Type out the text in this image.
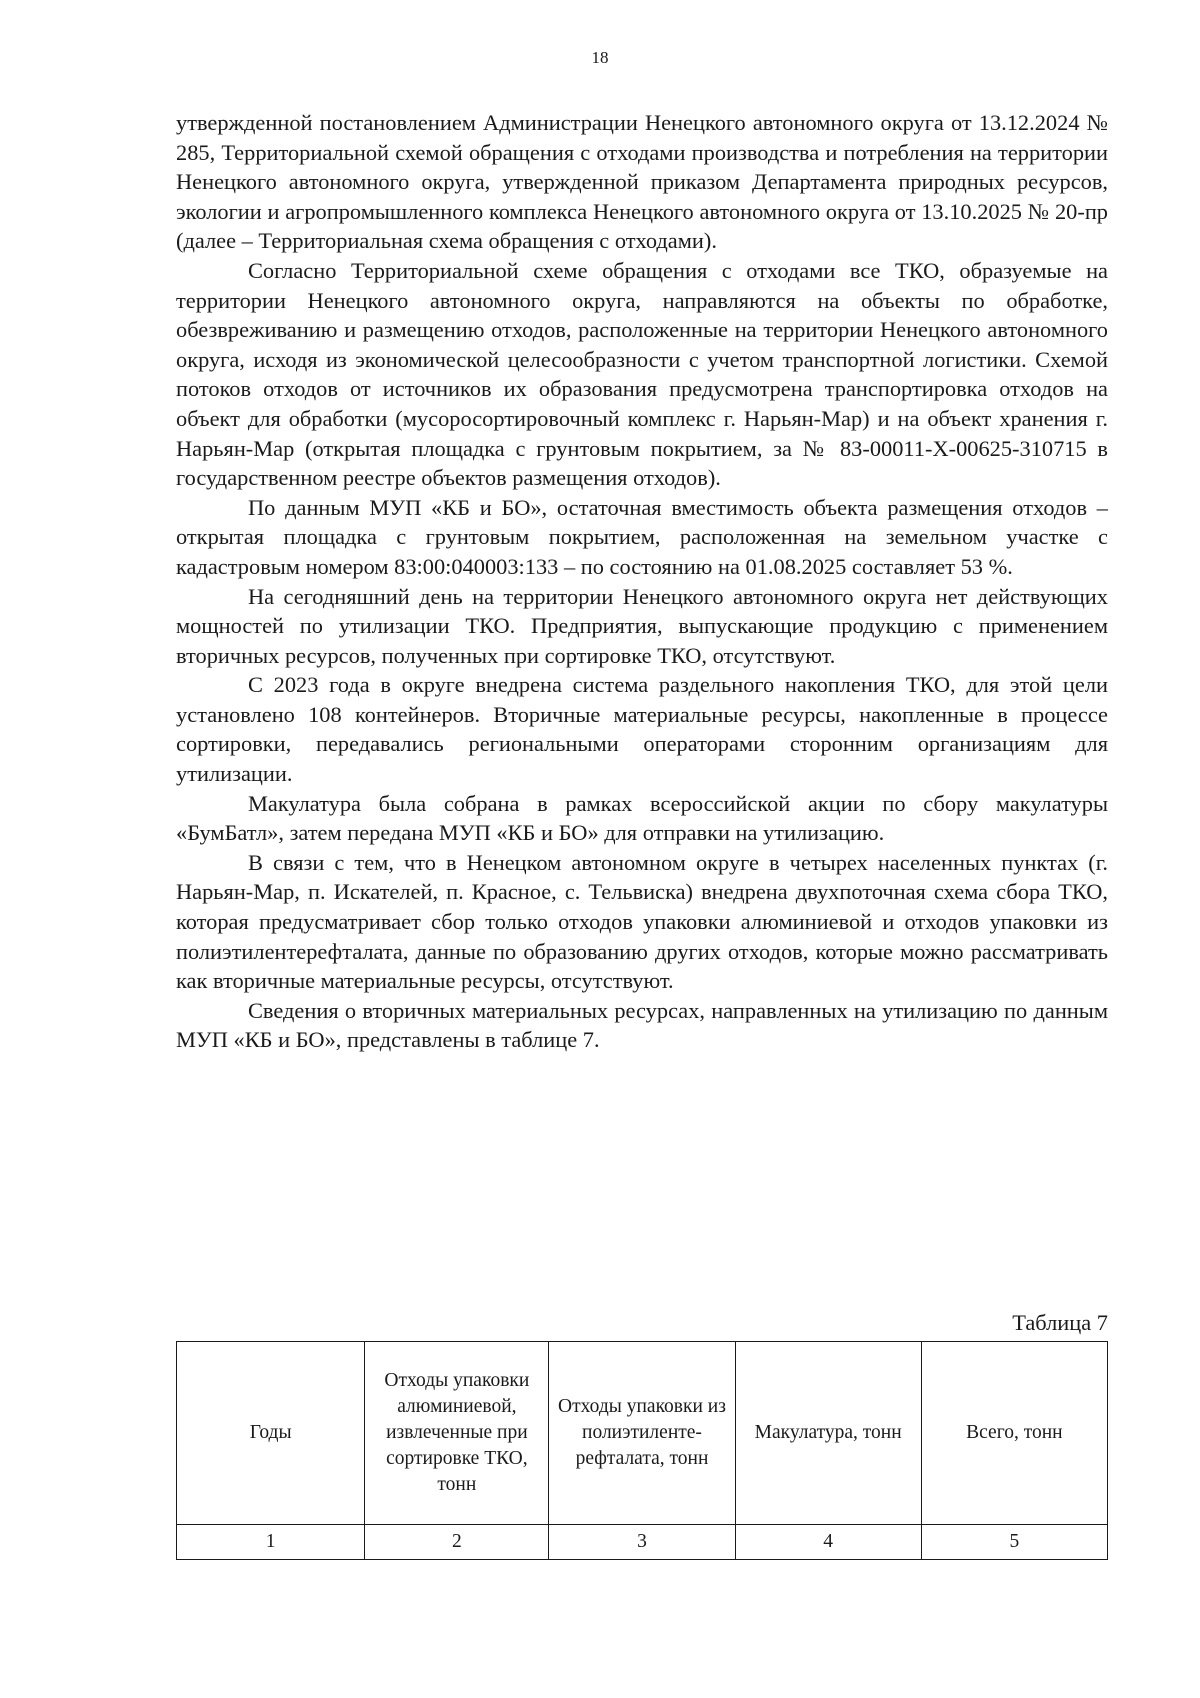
18

утвержденной постановлением Администрации Ненецкого автономного округа от 13.12.2024 № 285, Территориальной схемой обращения с отходами производства и потребления на территории Ненецкого автономного округа, утвержденной приказом Департамента природных ресурсов, экологии и агропромышленного комплекса Ненецкого автономного округа от 13.10.2025 № 20-пр (далее – Территориальная схема обращения с отходами).

Согласно Территориальной схеме обращения с отходами все ТКО, образуемые на территории Ненецкого автономного округа, направляются на объекты по обработке, обезвреживанию и размещению отходов, расположенные на территории Ненецкого автономного округа, исходя из экономической целесообразности с учетом транспортной логистики. Схемой потоков отходов от источников их образования предусмотрена транспортировка отходов на объект для обработки (мусоросортировочный комплекс г. Нарьян-Мар) и на объект хранения г. Нарьян-Мар (открытая площадка с грунтовым покрытием, за № 83-00011-Х-00625-310715 в государственном реестре объектов размещения отходов).

По данным МУП «КБ и БО», остаточная вместимость объекта размещения отходов – открытая площадка с грунтовым покрытием, расположенная на земельном участке с кадастровым номером 83:00:040003:133 – по состоянию на 01.08.2025 составляет 53 %.

На сегодняшний день на территории Ненецкого автономного округа нет действующих мощностей по утилизации ТКО. Предприятия, выпускающие продукцию с применением вторичных ресурсов, полученных при сортировке ТКО, отсутствуют.

С 2023 года в округе внедрена система раздельного накопления ТКО, для этой цели установлено 108 контейнеров. Вторичные материальные ресурсы, накопленные в процессе сортировки, передавались региональными операторами сторонним организациям для утилизации.

Макулатура была собрана в рамках всероссийской акции по сбору макулатуры «БумБатл», затем передана МУП «КБ и БО» для отправки на утилизацию.

В связи с тем, что в Ненецком автономном округе в четырех населенных пунктах (г. Нарьян-Мар, п. Искателей, п. Красное, с. Тельвиска) внедрена двухпоточная схема сбора ТКО, которая предусматривает сбор только отходов упаковки алюминиевой и отходов упаковки из полиэтилентерефталата, данные по образованию других отходов, которые можно рассматривать как вторичные материальные ресурсы, отсутствуют.

Сведения о вторичных материальных ресурсах, направленных на утилизацию по данным МУП «КБ и БО», представлены в таблице 7.

Таблица 7
Годы	Отходы упаковки алюминиевой, извлеченные при сортировке ТКО, тонн	Отходы упаковки из полиэтиленте-рефталата, тонн	Макулатура, тонн	Всего, тонн
1	2	3	4	5
